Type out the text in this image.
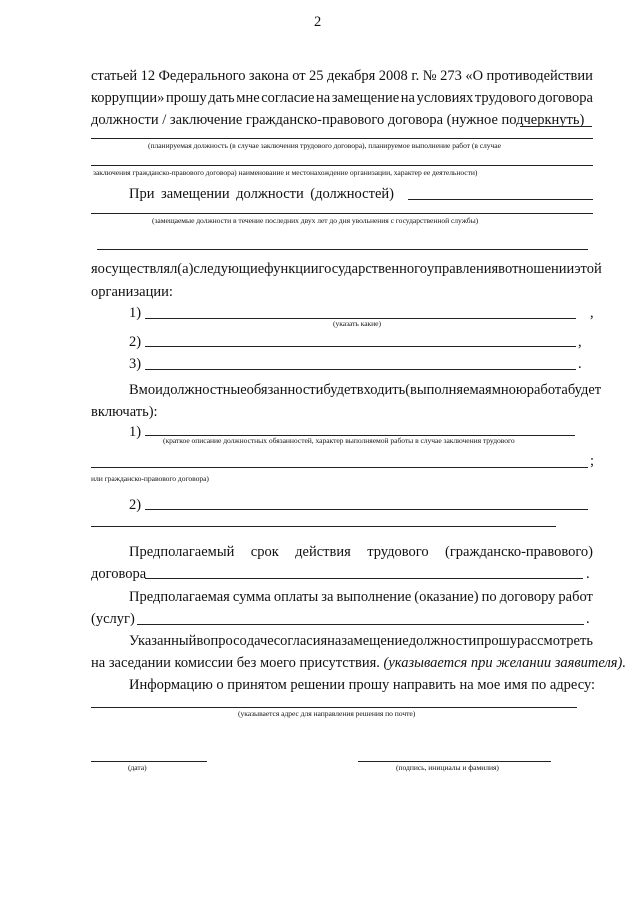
2
статьей 12 Федерального закона от 25 декабря 2008 г. № 273 «О противодействии
коррупции» прошу дать мне согласие на замещение на условиях трудового договора
должности / заключение гражданско-правового договора (нужное подчеркнуть)
(планируемая должность (в случае заключения трудового договора), планируемое выполнение работ (в случае
заключения гражданско-правового договора) наименование и местонахождение организации, характер ее деятельности)
При замещении должности (должностей)
(замещаемые должности в течение последних двух лет до дня увольнения с государственной службы)
я осуществлял(а) следующие функции государственного управления в отношении этой
организации:
1)	,
(указать какие)
2)	,
3)	.
В мои должностные обязанности будет входить (выполняемая мною работа будет
включать):
1)
(краткое описание должностных обязанностей, характер выполняемой работы в случае заключения трудового
;
или гражданско-правового договора)
2)
Предполагаемый срок действия трудового (гражданско-правового)
договора	.
Предполагаемая сумма оплаты за выполнение (оказание) по договору работ
(услуг)	.
Указанный вопрос о даче согласия на замещение должности прошу рассмотреть
на заседании комиссии без моего присутствия. (указывается при желании заявителя).
Информацию о принятом решении прошу направить на мое имя по адресу:
(указывается адрес для направления решения по почте)
(дата)	(подпись, инициалы и фамилия)
